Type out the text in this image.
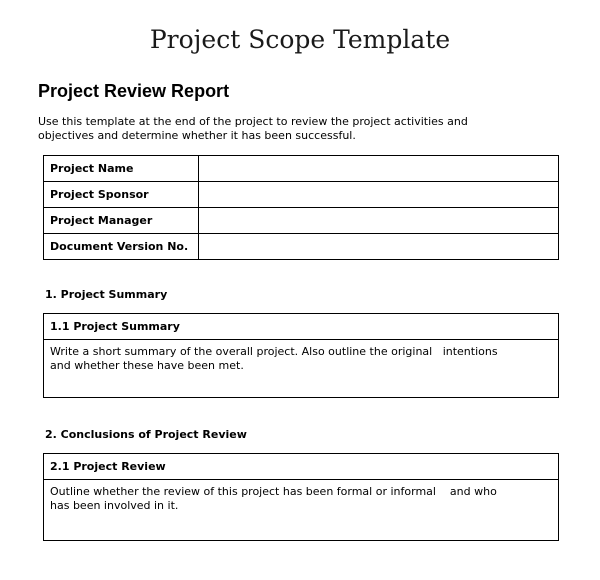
Project Scope Template
Project Review Report
Use this template at the end of the project to review the project activities and
objectives and determine whether it has been successful.
Project Name	
Project Sponsor	
Project Manager	
Document Version No.	
1. Project Summary
1.1 Project Summary
Write a short summary of the overall project. Also outline the original   intentions
and whether these have been met.
2. Conclusions of Project Review
2.1 Project Review
Outline whether the review of this project has been formal or informal    and who
has been involved in it.
